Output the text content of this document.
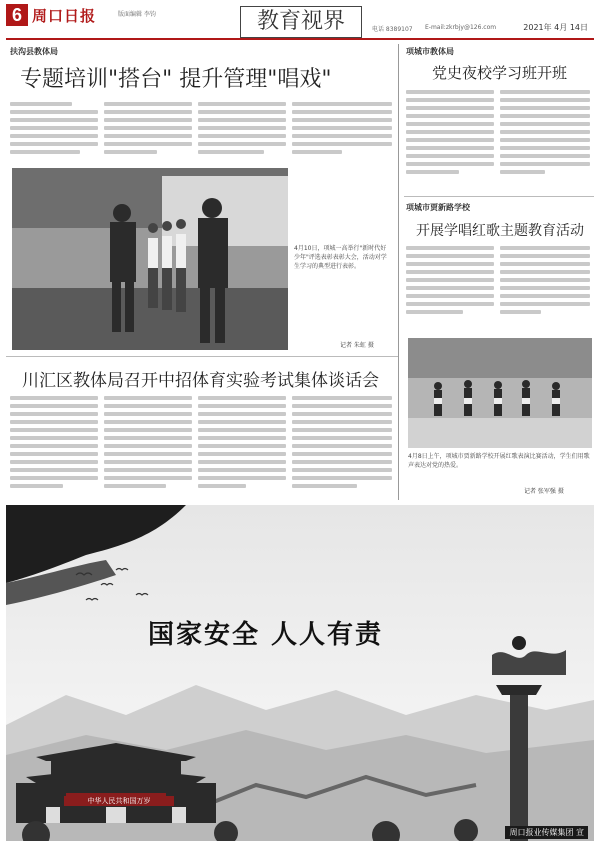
6 周口日报	版面编辑 李钧	教育视界	电话 8389107 E-mail:zkrbjy@126.com	2021年 4月 14日
扶沟县教体局
专题培训"搭台" 提升管理"唱戏"
4月10日，项城一高举行"新时代好少年"评选表彰表彰大会，活动对学生学习的典型进行表彰。
记者 朱虹 摄
川汇区教体局召开中招体育实验考试集体谈话会
项城市教体局
党史夜校学习班开班
项城市贾新路学校
开展学唱红歌主题教育活动
4月8日上午，项城市贾新路学校开展红歌表演比赛活动，学生们用歌声表达对党的热爱。
记者 张军强 摄
中华人民共和国万岁
国家安全 人人有责
周口报业传媒集团 宣
